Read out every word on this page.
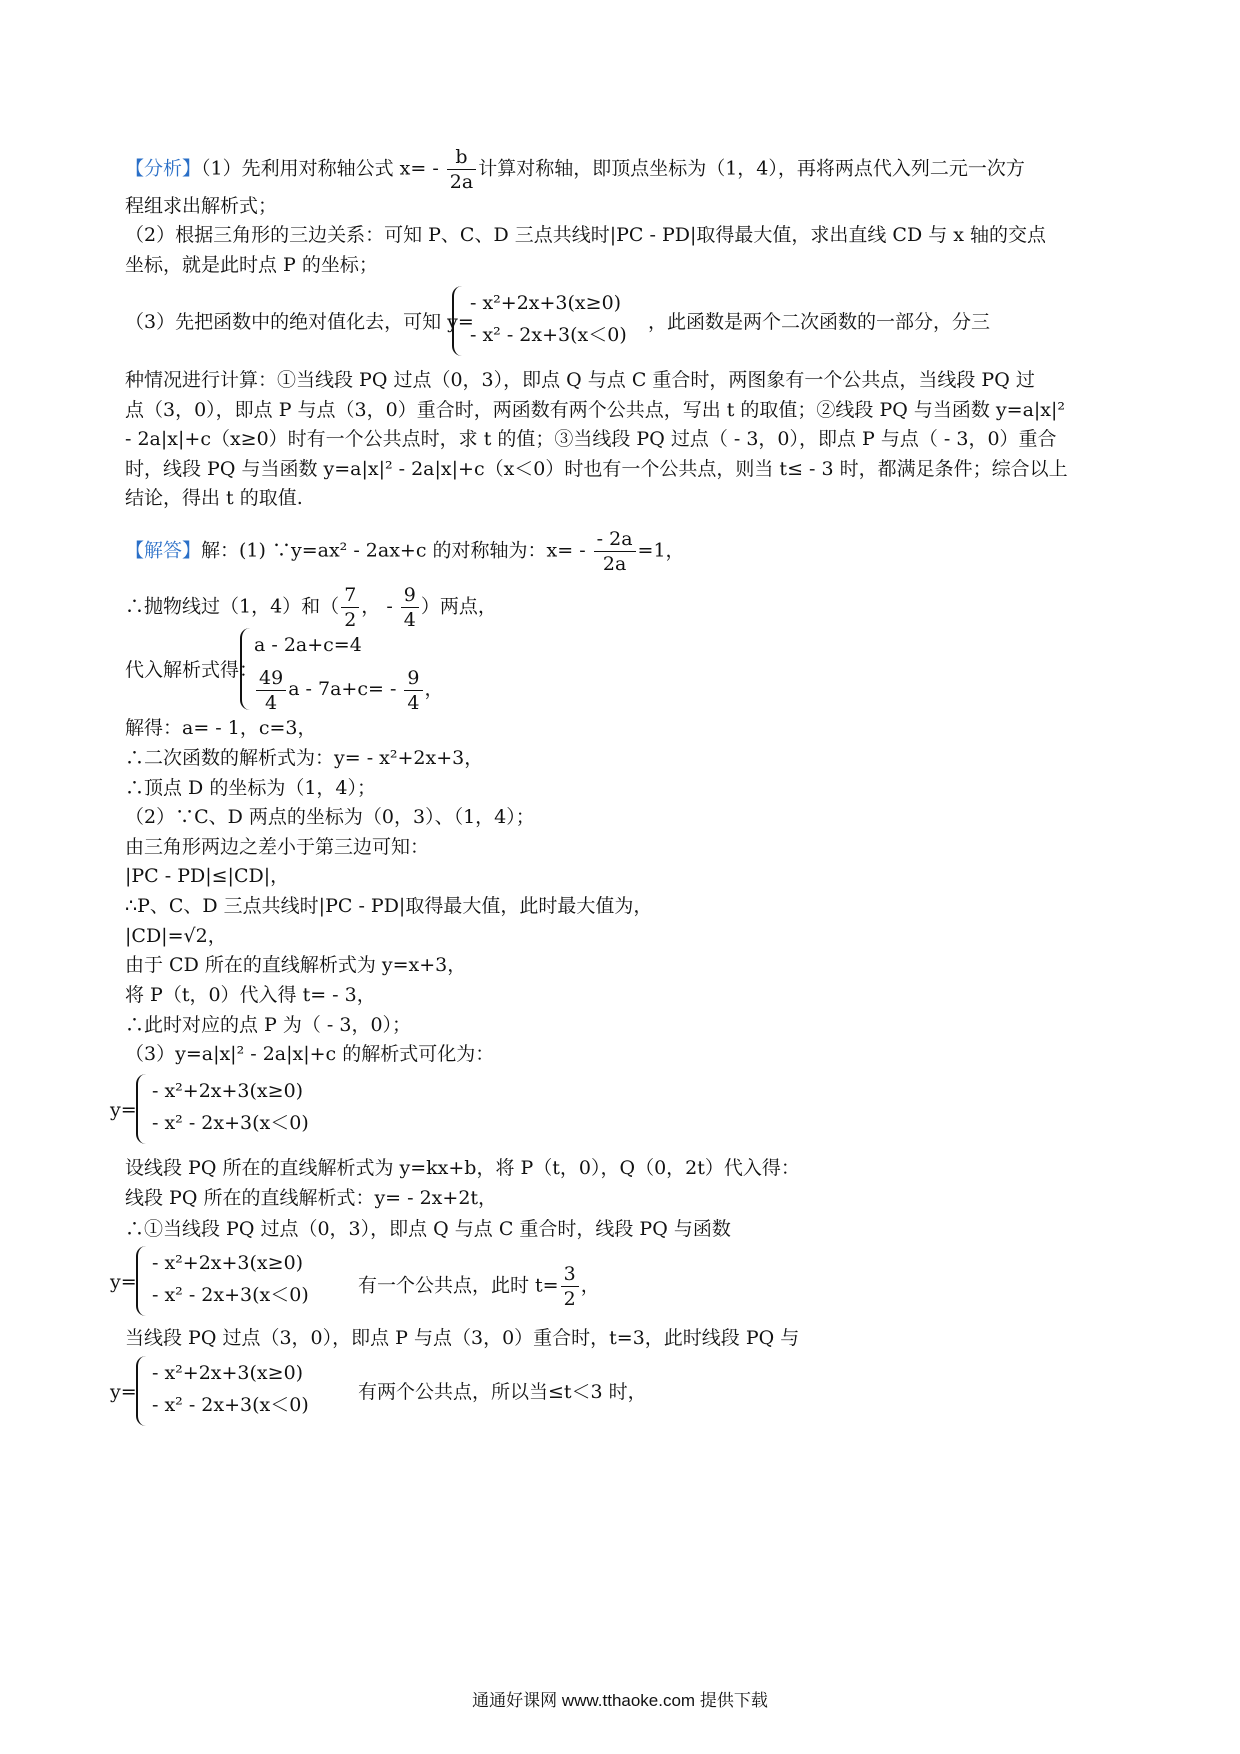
【分析】（1）先利用对称轴公式 $x= - \frac{b}{2a}$ 计算对称轴，即顶点坐标为（1，4），再将两点代入列二元一次方
程组求出解析式；
（2）根据三角形的三边关系：可知 P、C、D 三点共线时|PC - PD|取得最大值，求出直线 CD 与 x 轴的交点
坐标，就是此时点 P 的坐标；
（3）先把函数中的绝对值化去，可知 y=
- x²+2x+3(x≥0)
- x² - 2x+3(x＜0)
，此函数是两个二次函数的一部分，分三
种情况进行计算：①当线段 PQ 过点（0，3），即点 Q 与点 C 重合时，两图象有一个公共点，当线段 PQ 过
点（3，0），即点 P 与点（3，0）重合时，两函数有两个公共点，写出 t 的取值；②线段 PQ 与当函数 y=a|x|²
- 2a|x|+c（x≥0）时有一个公共点时，求 t 的值；③当线段 PQ 过点（ - 3，0），即点 P 与点（ - 3，0）重合
时，线段 PQ 与当函数 y=a|x|² - 2a|x|+c（x＜0）时也有一个公共点，则当 t≤ - 3 时，都满足条件；综合以上
结论，得出 t 的取值.
【解答】解：(1) ∵y=ax² - 2ax+c 的对称轴为：$x= - \frac{- 2a}{2a} =1$，
∴抛物线过（1，4）和（ $\frac{7}{2}$ ， - $\frac{9}{4}$ ）两点，
代入解析式得：
a - 2a+c=4
$\frac{49}{4}$ $a - 7a+c= - \frac{9}{4}$ ，
解得：a= - 1，c=3，
∴二次函数的解析式为：y= - x²+2x+3，
∴顶点 D 的坐标为（1，4）；
（2）∵C、D 两点的坐标为（0，3）、（1，4）；
由三角形两边之差小于第三边可知：
|PC - PD|≤|CD|，
∴P、C、D 三点共线时|PC - PD|取得最大值，此时最大值为，
|CD|=√2，
由于 CD 所在的直线解析式为 y=x+3，
将 P（t，0）代入得 t= - 3，
∴此时对应的点 P 为（ - 3，0）；
（3）y=a|x|² - 2a|x|+c 的解析式可化为：
y=
- x²+2x+3(x≥0)
- x² - 2x+3(x＜0)
设线段 PQ 所在的直线解析式为 y=kx+b，将 P（t，0），Q（0，2t）代入得：
线段 PQ 所在的直线解析式：y= - 2x+2t，
∴①当线段 PQ 过点（0，3），即点 Q 与点 C 重合时，线段 PQ 与函数
y=
- x²+2x+3(x≥0)
- x² - 2x+3(x＜0)	有一个公共点，此时 $t= \frac{3}{2}$ ，
当线段 PQ 过点（3，0），即点 P 与点（3，0）重合时，t=3，此时线段 PQ 与
y=
- x²+2x+3(x≥0)
- x² - 2x+3(x＜0)
有两个公共点，所以当≤t＜3 时，
通通好课网 www.tthaoke.com 提供下载
